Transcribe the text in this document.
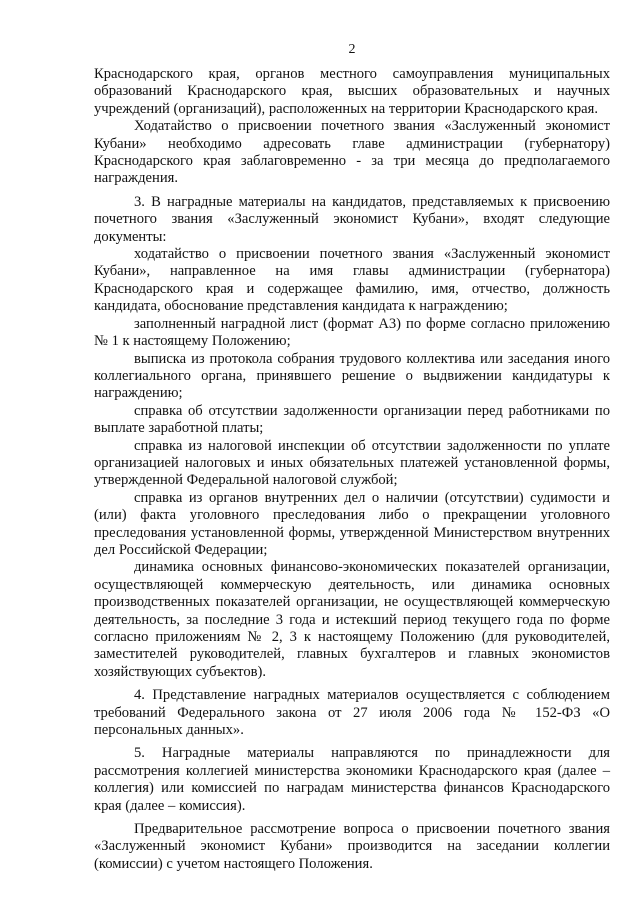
2

Краснодарского края, органов местного самоуправления муниципальных образований Краснодарского края, высших образовательных и научных учреждений (организаций), расположенных на территории Краснодарского края.

Ходатайство о присвоении почетного звания «Заслуженный экономист Кубани» необходимо адресовать главе администрации (губернатору) Краснодарского края заблаговременно - за три месяца до предполагаемого награждения.

3. В наградные материалы на кандидатов, представляемых к присвоению почетного звания «Заслуженный экономист Кубани», входят следующие документы:

ходатайство о присвоении почетного звания «Заслуженный экономист Кубани», направленное на имя главы администрации (губернатора) Краснодарского края и содержащее фамилию, имя, отчество, должность кандидата, обоснование представления кандидата к награждению;

заполненный наградной лист (формат А3) по форме согласно приложению № 1 к настоящему Положению;

выписка из протокола собрания трудового коллектива или заседания иного коллегиального органа, принявшего решение о выдвижении кандидатуры к награждению;

справка об отсутствии задолженности организации перед работниками по выплате заработной платы;

справка из налоговой инспекции об отсутствии задолженности по уплате организацией налоговых и иных обязательных платежей установленной формы, утвержденной Федеральной налоговой службой;

справка из органов внутренних дел о наличии (отсутствии) судимости и (или) факта уголовного преследования либо о прекращении уголовного преследования установленной формы, утвержденной Министерством внутренних дел Российской Федерации;

динамика основных финансово-экономических показателей организации, осуществляющей коммерческую деятельность, или динамика основных производственных показателей организации, не осуществляющей коммерческую деятельность, за последние 3 года и истекший период текущего года по форме согласно приложениям № 2, 3 к настоящему Положению (для руководителей, заместителей руководителей, главных бухгалтеров и главных экономистов хозяйствующих субъектов).

4. Представление наградных материалов осуществляется с соблюдением требований Федерального закона от 27 июля 2006 года № 152-ФЗ «О персональных данных».

5. Наградные материалы направляются по принадлежности для рассмотрения коллегией министерства экономики Краснодарского края (далее – коллегия) или комиссией по наградам министерства финансов Краснодарского края (далее – комиссия).

Предварительное рассмотрение вопроса о присвоении почетного звания «Заслуженный экономист Кубани» производится на заседании коллегии (комиссии) с учетом настоящего Положения.
